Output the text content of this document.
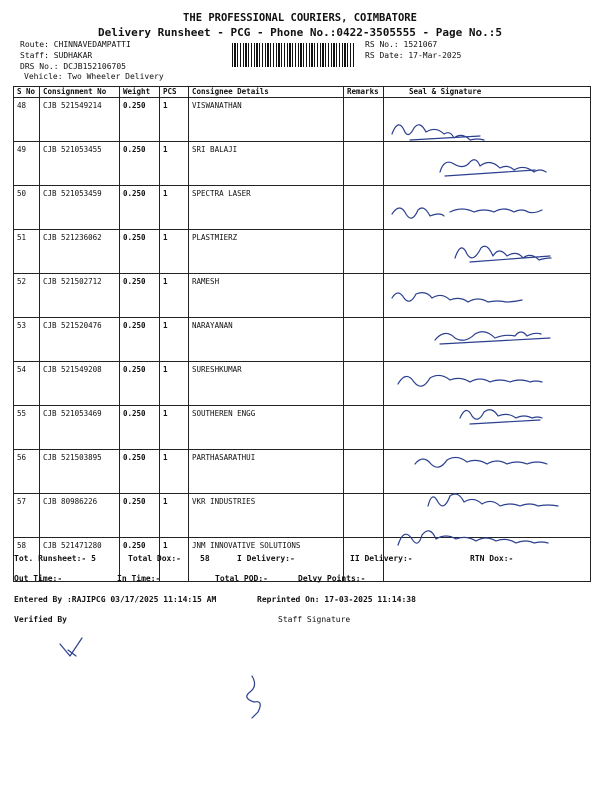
THE PROFESSIONAL COURIERS, COIMBATORE
Delivery Runsheet - PCG - Phone No.:0422-3505555 - Page No.:5
Route: CHINNAVEDAMPATTI
Staff: SUDHAKAR
DRS No.: DCJB152106705
Vehicle: Two Wheeler Delivery
RS No.: 1521067
RS Date: 17-Mar-2025
S No	Consignment No	Weight	PCS	Consignee Details	Remarks	Seal & Signature
48	CJB 521549214	0.250	1	VISWANATHAN		
49	CJB 521053455	0.250	1	SRI BALAJI		
50	CJB 521053459	0.250	1	SPECTRA LASER		
51	CJB 521236062	0.250	1	PLASTMIERZ		
52	CJB 521502712	0.250	1	RAMESH		
53	CJB 521520476	0.250	1	NARAYANAN		
54	CJB 521549208	0.250	1	SURESHKUMAR		
55	CJB 521053469	0.250	1	SOUTHEREN ENGG		
56	CJB 521503895	0.250	1	PARTHASARATHUI		
57	CJB 80986226	0.250	1	VKR INDUSTRIES		
58	CJB 521471280	0.250	1	JNM INNOVATIVE SOLUTIONS		
Tot. Runsheet:- 5	Total Dox:- 58	I Delivery:-	II Delivery:-	RTN Dox:-
Out Time:-	In Time:-	Total POD:-	Delvy Points:-
Entered By :RAJIPCG 03/17/2025 11:14:15 AM	Reprinted On: 17-03-2025 11:14:38
Verified By	Staff Signature
